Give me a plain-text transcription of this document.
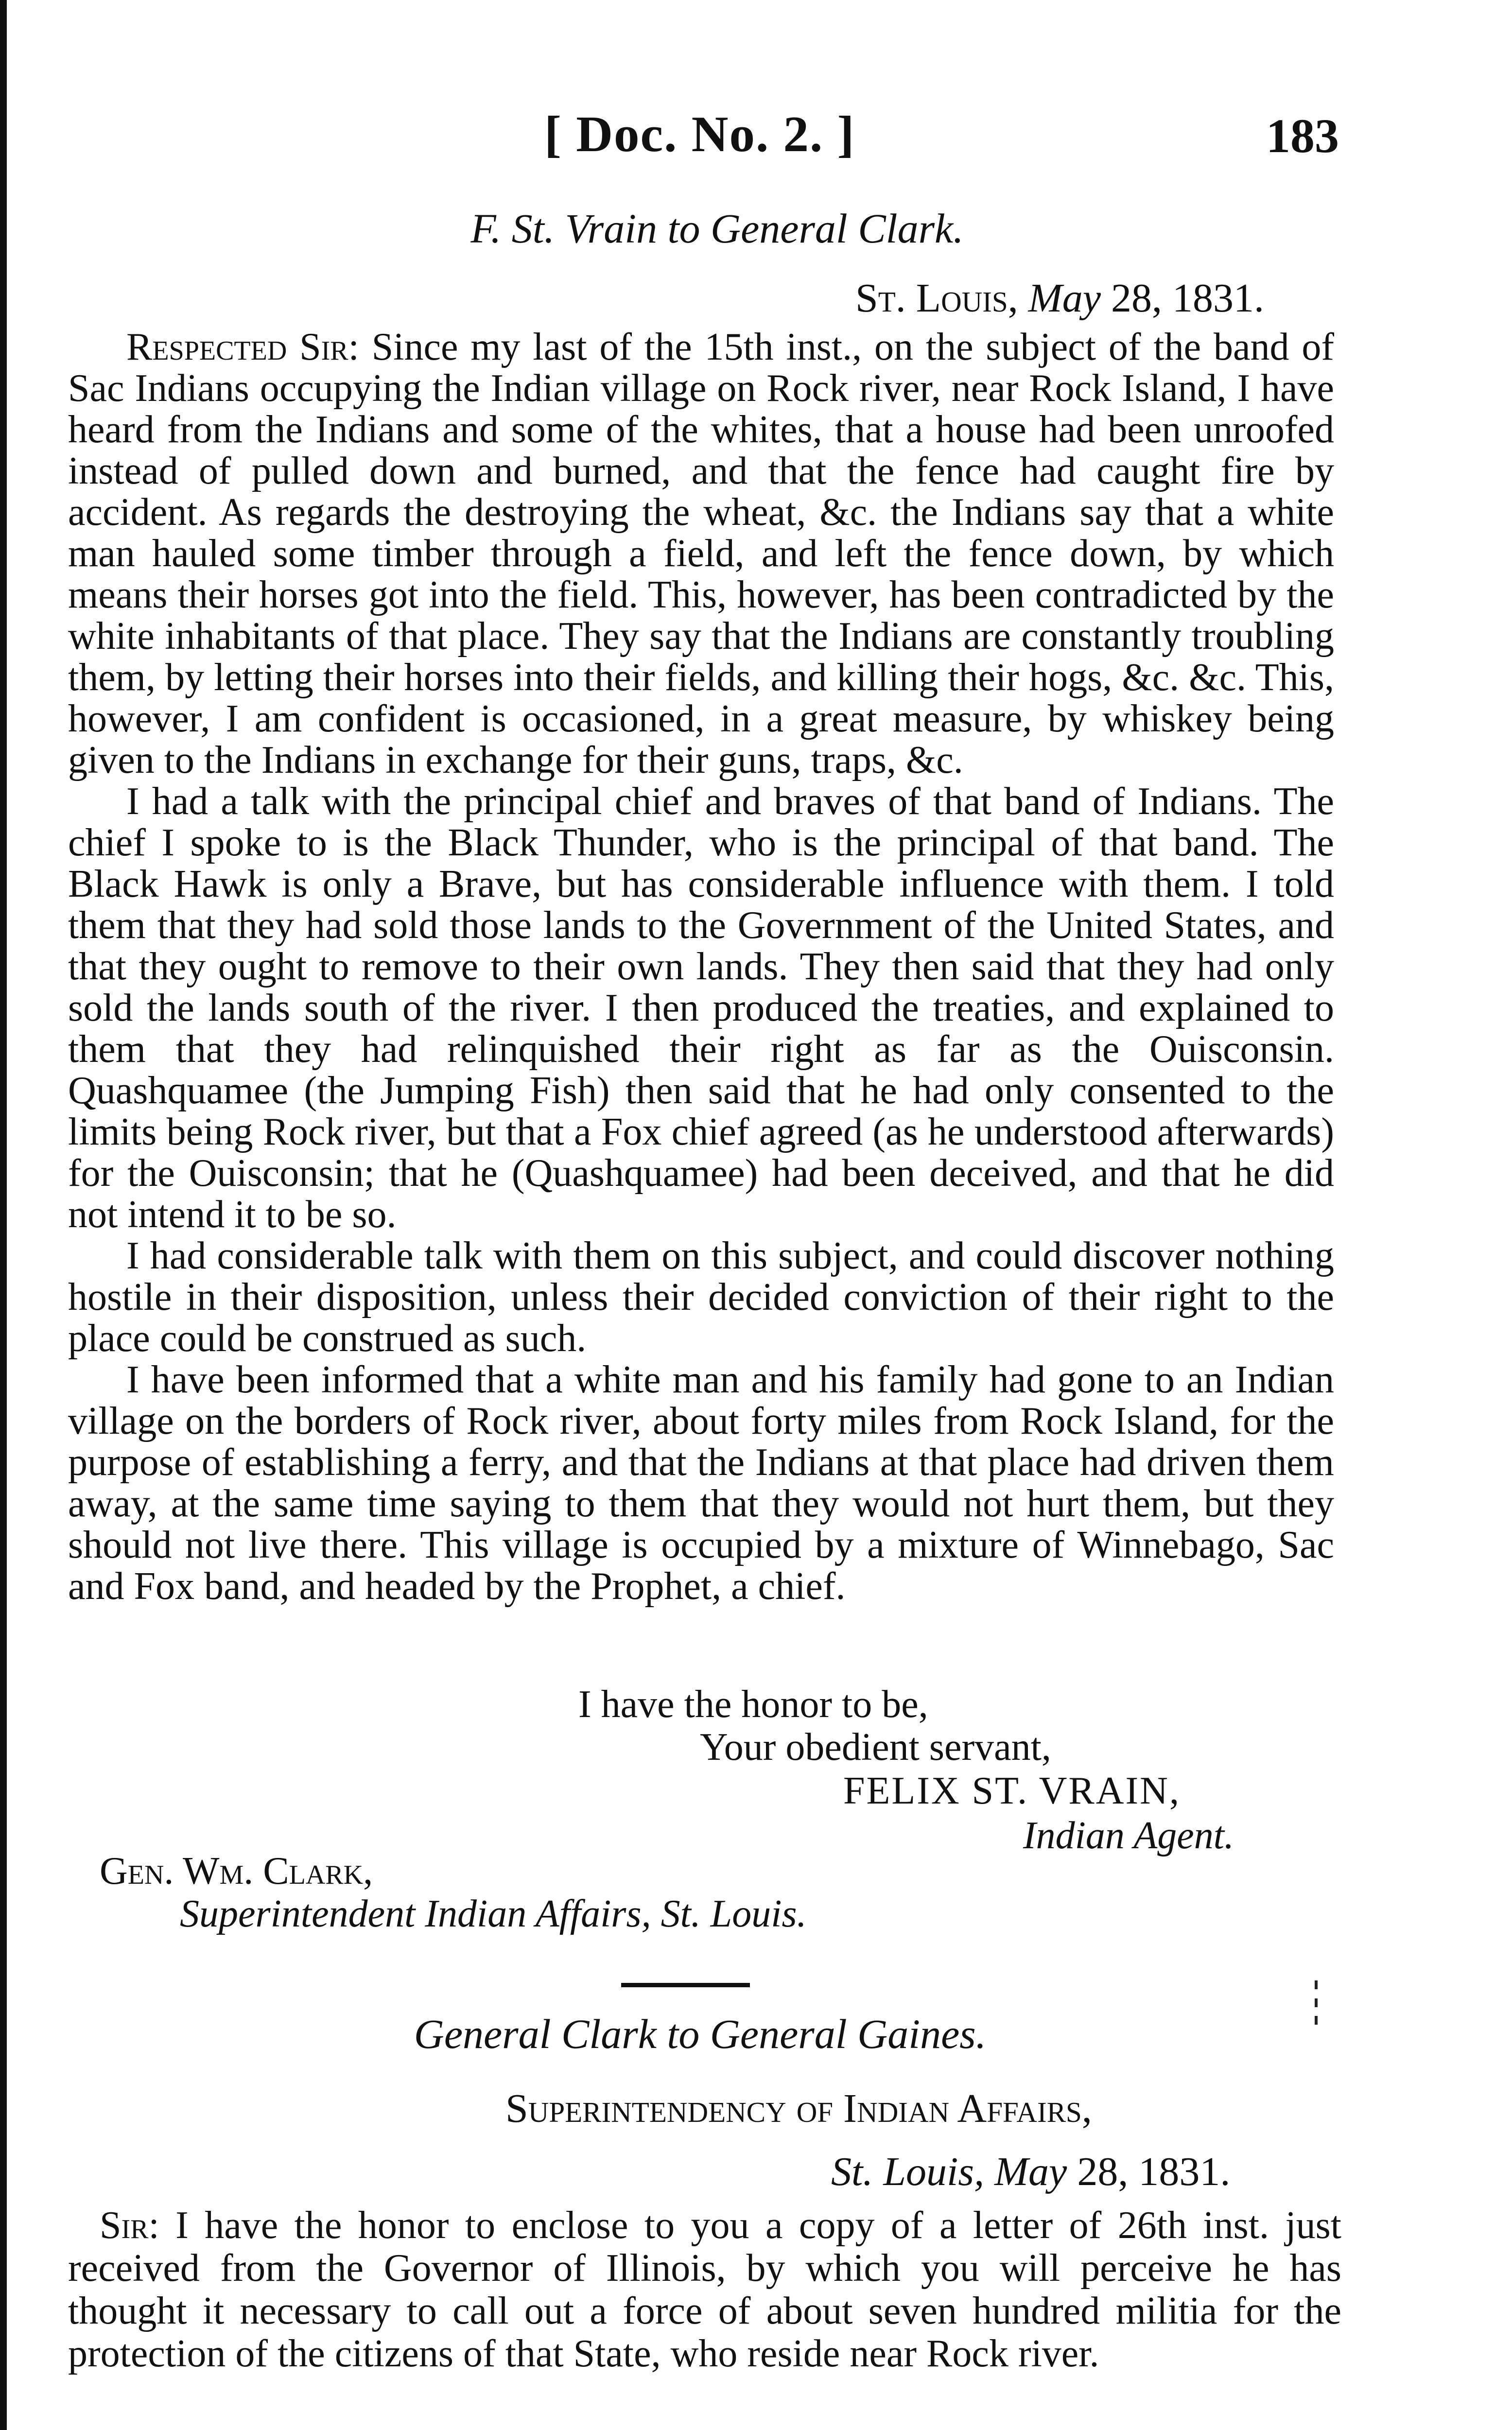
[ Doc. No. 2. ]	183
F. St. Vrain to General Clark.
St. Louis, May 28, 1831.

Respected Sir: Since my last of the 15th inst., on the subject of the band of Sac Indians occupying the Indian village on Rock river, near Rock Island, I have heard from the Indians and some of the whites, that a house had been unroofed instead of pulled down and burned, and that the fence had caught fire by accident. As regards the destroying the wheat, &c. the Indians say that a white man hauled some timber through a field, and left the fence down, by which means their horses got into the field. This, however, has been contradicted by the white inhabitants of that place. They say that the Indians are constantly troubling them, by letting their horses into their fields, and killing their hogs, &c. &c. This, however, I am confident is occasioned, in a great measure, by whiskey being given to the Indians in exchange for their guns, traps, &c.

I had a talk with the principal chief and braves of that band of Indians. The chief I spoke to is the Black Thunder, who is the principal of that band. The Black Hawk is only a Brave, but has considerable influence with them. I told them that they had sold those lands to the Government of the United States, and that they ought to remove to their own lands. They then said that they had only sold the lands south of the river. I then produced the treaties, and explained to them that they had relinquished their right as far as the Ouisconsin. Quashquamee (the Jumping Fish) then said that he had only consented to the limits being Rock river, but that a Fox chief agreed (as he understood afterwards) for the Ouisconsin; that he (Quashquamee) had been deceived, and that he did not intend it to be so.

I had considerable talk with them on this subject, and could discover nothing hostile in their disposition, unless their decided conviction of their right to the place could be construed as such.

I have been informed that a white man and his family had gone to an Indian village on the borders of Rock river, about forty miles from Rock Island, for the purpose of establishing a ferry, and that the Indians at that place had driven them away, at the same time saying to them that they would not hurt them, but they should not live there. This village is occupied by a mixture of Winnebago, Sac and Fox band, and headed by the Prophet, a chief.

I have the honor to be,
Your obedient servant,
FELIX ST. VRAIN,
Indian Agent.
Gen. Wm. Clark,
Superintendent Indian Affairs, St. Louis.
General Clark to General Gaines.
Superintendency of Indian Affairs,
St. Louis, May 28, 1831.

Sir: I have the honor to enclose to you a copy of a letter of 26th inst. just received from the Governor of Illinois, by which you will perceive he has thought it necessary to call out a force of about seven hundred militia for the protection of the citizens of that State, who reside near Rock river.
